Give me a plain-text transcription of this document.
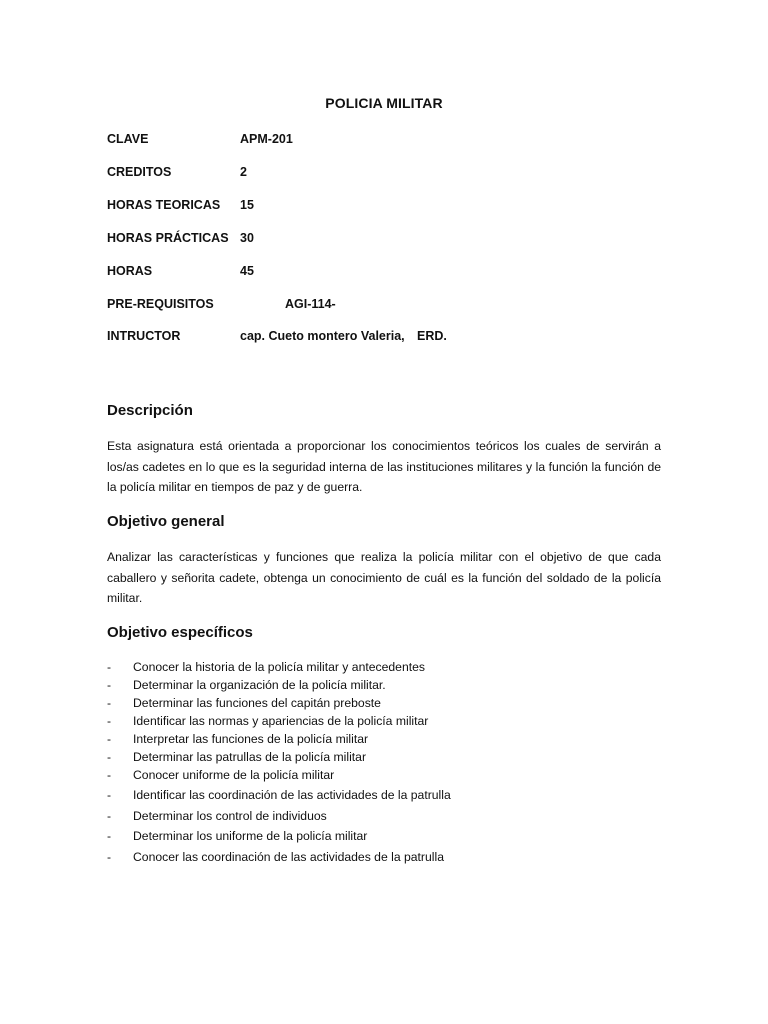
POLICIA MILITAR
CLAVE	APM-201
CREDITOS	2
HORAS TEORICAS 15
HORAS PRÁCTICAS 30
HORAS	45
PRE-REQUISITOS	AGI-114-
INTRUCTOR	cap. Cueto montero Valeria, ERD.
Descripción
Esta asignatura está orientada a proporcionar los conocimientos teóricos los cuales de servirán a los/as cadetes en lo que es la seguridad interna de las instituciones militares y la función la función de la policía militar en tiempos de paz y de guerra.
Objetivo general
Analizar las características y funciones que realiza la policía militar con el objetivo de que cada caballero y señorita cadete, obtenga un conocimiento de cuál es la función del soldado de la policía militar.
Objetivo específicos
- Conocer la historia de la policía militar y antecedentes
- Determinar la organización de la policía militar.
- Determinar las funciones del capitán preboste
- Identificar las normas y apariencias de la policía militar
- Interpretar las funciones de la policía militar
- Determinar las patrullas de la policía militar
- Conocer uniforme de la policía militar
- Identificar las coordinación de las actividades de la patrulla
- Determinar los control de individuos
- Determinar los uniforme de la policía militar
- Conocer las coordinación de las actividades de la patrulla
